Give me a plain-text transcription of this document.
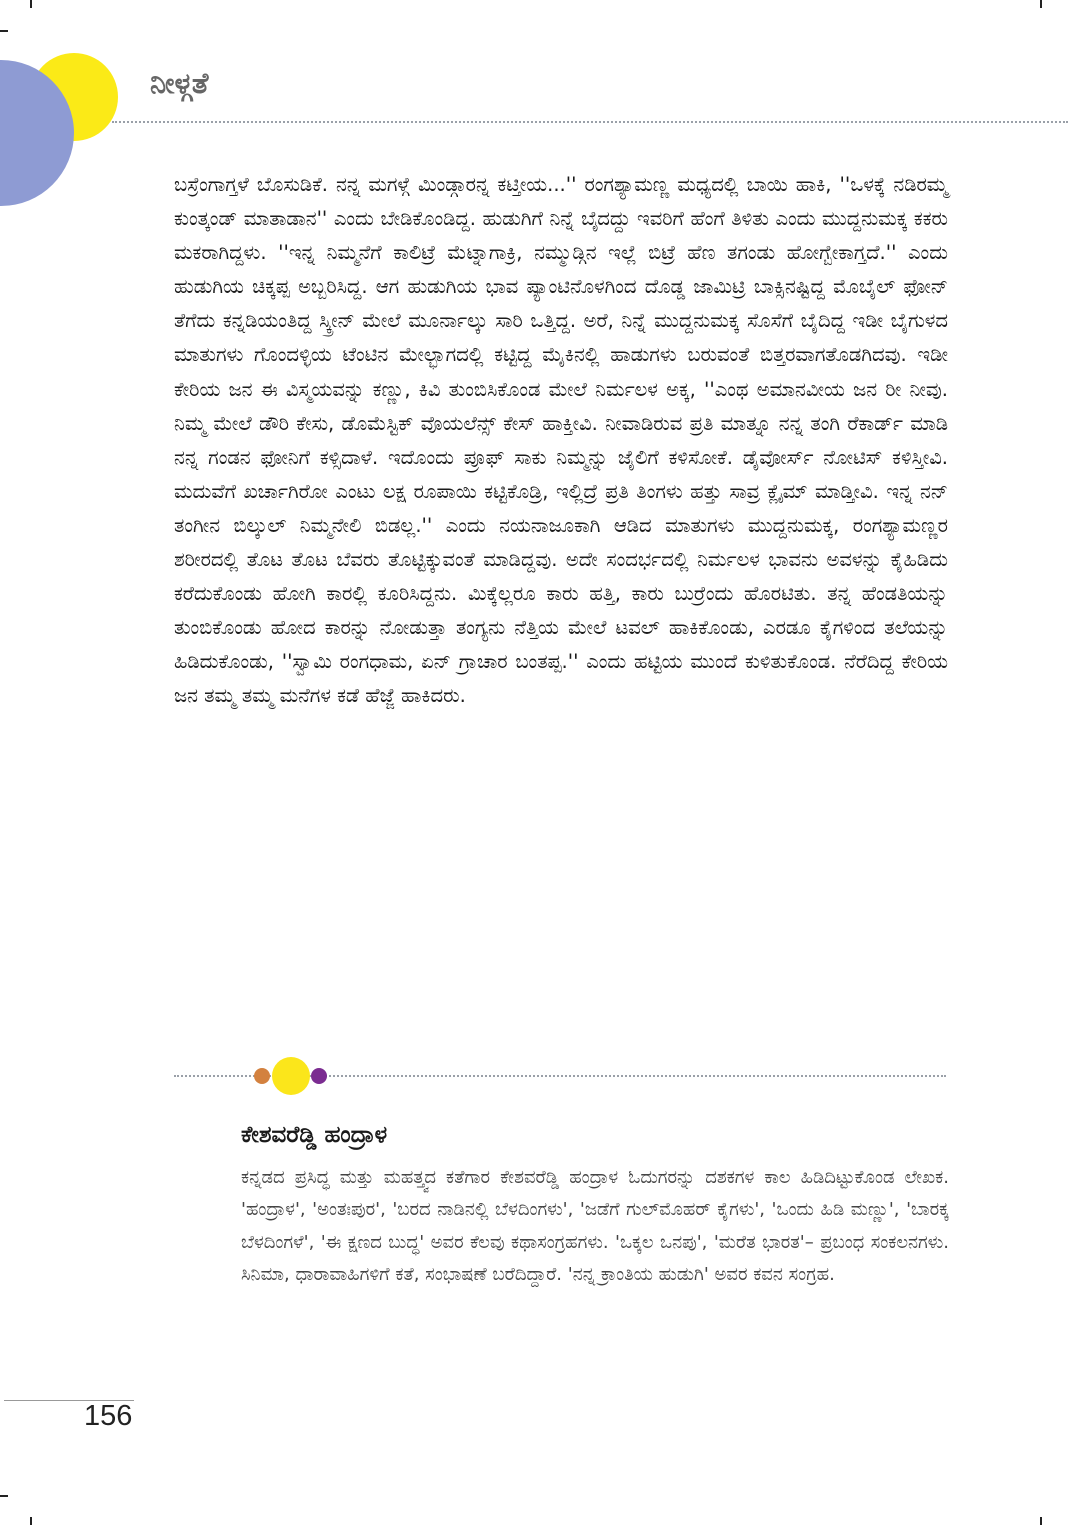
ನೀಳ್ಗತೆ
ಬಸ್ರೆಂಗಾಗ್ತಳೆ ಬೊಸುಡಿಕೆ. ನನ್ನ ಮಗಳ್ಗೆ ಮಿಂಡ್ಗಾರನ್ನ ಕಟ್ತೀಯ...'' ರಂಗಶ್ಯಾಮಣ್ಣ ಮಧ್ಯದಲ್ಲಿ ಬಾಯಿ ಹಾಕಿ, ''ಒಳಕ್ಕೆ ನಡಿರಮ್ಮ ಕುಂತ್ಕಂಡ್ ಮಾತಾಡಾನ'' ಎಂದು ಬೇಡಿಕೊಂಡಿದ್ದ. ಹುಡುಗಿಗೆ ನಿನ್ನೆ ಬೈದದ್ದು ಇವರಿಗೆ ಹೆಂಗೆ ತಿಳಿತು ಎಂದು ಮುದ್ದನುಮಕ್ಕ ಕಕರು ಮಕರಾಗಿದ್ದಳು. ''ಇನ್ನ ನಿಮ್ಮನೆಗೆ ಕಾಲಿಟ್ರೆ ಮೆಟ್ನಾಗಾಕ್ರಿ, ನಮ್ಮುಡ್ಗಿನ ಇಲ್ಲೆ ಬಿಟ್ರೆ ಹೆಣ ತಗಂಡು ಹೋಗ್ಬೇಕಾಗ್ತದೆ.'' ಎಂದು ಹುಡುಗಿಯ ಚಿಕ್ಕಪ್ಪ ಅಬ್ಬರಿಸಿದ್ದ. ಆಗ ಹುಡುಗಿಯ ಭಾವ ಪ್ಯಾಂಟಿನೊಳಗಿಂದ ದೊಡ್ಡ ಜಾಮಿಟ್ರಿ ಬಾಕ್ಸಿನಷ್ಟಿದ್ದ ಮೊಬೈಲ್ ಫೋನ್ ತೆಗೆದು ಕನ್ನಡಿಯಂತಿದ್ದ ಸ್ಕ್ರೀನ್ ಮೇಲೆ ಮೂರ್ನಾಲ್ಕು ಸಾರಿ ಒತ್ತಿದ್ದ. ಅರೆ, ನಿನ್ನೆ ಮುದ್ದನುಮಕ್ಕ ಸೊಸೆಗೆ ಬೈದಿದ್ದ ಇಡೀ ಬೈಗುಳದ ಮಾತುಗಳು ಗೊಂದಳ್ಳಿಯ ಟೆಂಟಿನ ಮೇಲ್ಭಾಗದಲ್ಲಿ ಕಟ್ಟಿದ್ದ ಮೈಕಿನಲ್ಲಿ ಹಾಡುಗಳು ಬರುವಂತೆ ಬಿತ್ತರವಾಗತೊಡಗಿದವು. ಇಡೀ ಕೇರಿಯ ಜನ ಈ ವಿಸ್ಮಯವನ್ನು ಕಣ್ಣು, ಕಿವಿ ತುಂಬಿಸಿಕೊಂಡ ಮೇಲೆ ನಿರ್ಮಲಳ ಅಕ್ಕ, ''ಎಂಥ ಅಮಾನವೀಯ ಜನ ರೀ ನೀವು. ನಿಮ್ಮ ಮೇಲೆ ಡೌರಿ ಕೇಸು, ಡೊಮೆಸ್ಟಿಕ್ ವೊಯಲೆನ್ಸ್ ಕೇಸ್ ಹಾಕ್ತೀವಿ. ನೀವಾಡಿರುವ ಪ್ರತಿ ಮಾತ್ನೂ ನನ್ನ ತಂಗಿ ರೆಕಾರ್ಡ್ ಮಾಡಿ ನನ್ನ ಗಂಡನ ಫೋನಿಗೆ ಕಳ್ಸಿದಾಳೆ. ಇದೊಂದು ಪ್ರೂಫ್ ಸಾಕು ನಿಮ್ಮನ್ನು ಜೈಲಿಗೆ ಕಳಿಸೋಕೆ. ಡೈವೋರ್ಸ್ ನೋಟಿಸ್ ಕಳಿಸ್ತೀವಿ. ಮದುವೆಗೆ ಖರ್ಚಾಗಿರೋ ಎಂಟು ಲಕ್ಷ ರೂಪಾಯಿ ಕಟ್ಟಿಕೊಡ್ರಿ, ಇಲ್ಲಿದ್ರೆ ಪ್ರತಿ ತಿಂಗಳು ಹತ್ತು ಸಾವ್ರ ಕ್ಲೈಮ್ ಮಾಡ್ತೀವಿ. ಇನ್ನ ನನ್ ತಂಗೀನ ಬಿಲ್ಕುಲ್ ನಿಮ್ಮನೇಲಿ ಬಿಡಲ್ಲ.'' ಎಂದು ನಯನಾಜೂಕಾಗಿ ಆಡಿದ ಮಾತುಗಳು ಮುದ್ದನುಮಕ್ಕ, ರಂಗಶ್ಯಾಮಣ್ಣರ ಶರೀರದಲ್ಲಿ ತೊಟ ತೊಟ ಬೆವರು ತೊಟ್ಟಿಕ್ಕುವಂತೆ ಮಾಡಿದ್ದವು. ಅದೇ ಸಂದರ್ಭದಲ್ಲಿ ನಿರ್ಮಲಳ ಭಾವನು ಅವಳನ್ನು ಕೈಹಿಡಿದು ಕರೆದುಕೊಂಡು ಹೋಗಿ ಕಾರಲ್ಲಿ ಕೂರಿಸಿದ್ದನು. ಮಿಕ್ಕೆಲ್ಲರೂ ಕಾರು ಹತ್ತಿ, ಕಾರು ಬುರ್ರೆಂದು ಹೊರಟಿತು. ತನ್ನ ಹೆಂಡತಿಯನ್ನು ತುಂಬಿಕೊಂಡು ಹೋದ ಕಾರನ್ನು ನೋಡುತ್ತಾ ತಂಗ್ಯನು ನೆತ್ತಿಯ ಮೇಲೆ ಟವಲ್ ಹಾಕಿಕೊಂಡು, ಎರಡೂ ಕೈಗಳಿಂದ ತಲೆಯನ್ನು ಹಿಡಿದುಕೊಂಡು, ''ಸ್ವಾಮಿ ರಂಗಧಾಮ, ಏನ್ ಗ್ರಾಚಾರ ಬಂತಪ್ಪ.'' ಎಂದು ಹಟ್ಟಿಯ ಮುಂದೆ ಕುಳಿತುಕೊಂಡ. ನೆರೆದಿದ್ದ ಕೇರಿಯ ಜನ ತಮ್ಮ ತಮ್ಮ ಮನೆಗಳ ಕಡೆ ಹೆಜ್ಜೆ ಹಾಕಿದರು.
ಕೇಶವರೆಡ್ಡಿ ಹಂದ್ರಾಳ
ಕನ್ನಡದ ಪ್ರಸಿದ್ಧ ಮತ್ತು ಮಹತ್ತ್ವದ ಕತೆಗಾರ ಕೇಶವರೆಡ್ಡಿ ಹಂದ್ರಾಳ ಓದುಗರನ್ನು ದಶಕಗಳ ಕಾಲ ಹಿಡಿದಿಟ್ಟುಕೊಂಡ ಲೇಖಕ. 'ಹಂದ್ರಾಳ', 'ಅಂತಃಪುರ', 'ಬರದ ನಾಡಿನಲ್ಲಿ ಬೆಳದಿಂಗಳು', 'ಜಡೆಗೆ ಗುಲ್‌ಮೊಹರ್ ಕೈಗಳು', 'ಒಂದು ಹಿಡಿ ಮಣ್ಣು', 'ಬಾರಕ್ಕ ಬೆಳದಿಂಗಳೆ', 'ಈ ಕ್ಷಣದ ಬುದ್ಧ' ಅವರ ಕೆಲವು ಕಥಾಸಂಗ್ರಹಗಳು. 'ಒಕ್ಕಲ ಒನಪು', 'ಮರೆತ ಭಾರತ'– ಪ್ರಬಂಧ ಸಂಕಲನಗಳು. ಸಿನಿಮಾ, ಧಾರಾವಾಹಿಗಳಿಗೆ ಕತೆ, ಸಂಭಾಷಣೆ ಬರೆದಿದ್ದಾರೆ. 'ನನ್ನ ಕ್ರಾಂತಿಯ ಹುಡುಗಿ' ಅವರ ಕವನ ಸಂಗ್ರಹ.
156
